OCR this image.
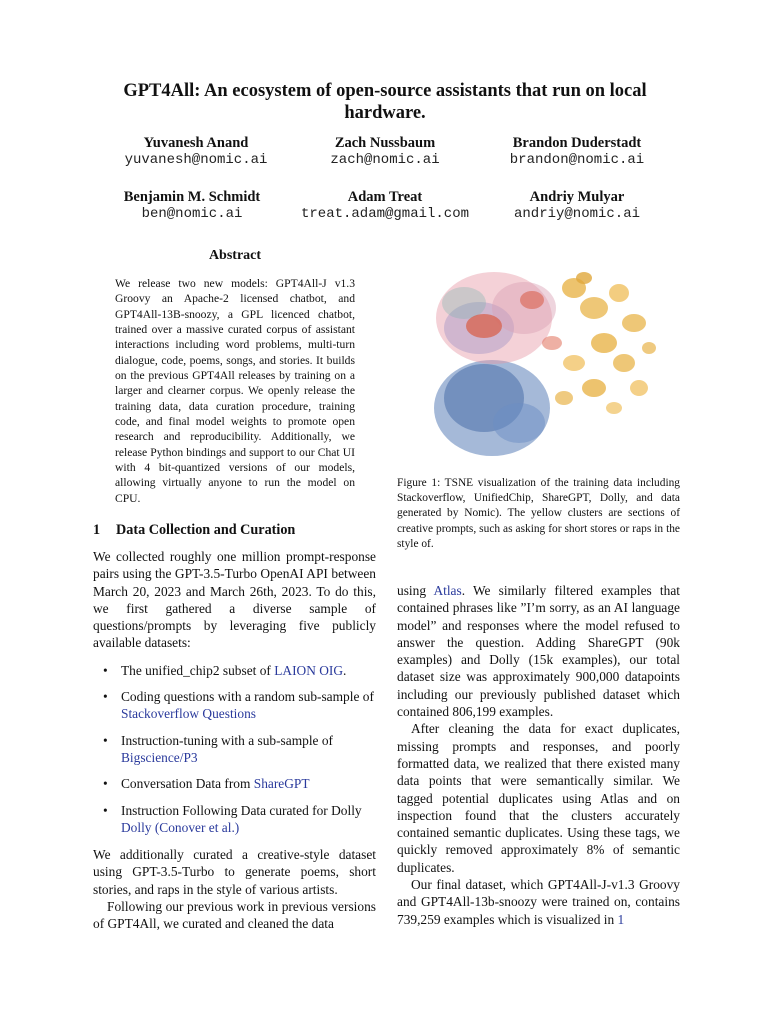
GPT4All: An ecosystem of open-source assistants that run on local hardware.
Yuvanesh Anand
yuvanesh@nomic.ai
Zach Nussbaum
zach@nomic.ai
Brandon Duderstadt
brandon@nomic.ai
Benjamin M. Schmidt
ben@nomic.ai
Adam Treat
treat.adam@gmail.com
Andriy Mulyar
andriy@nomic.ai
Abstract
We release two new models: GPT4All-J v1.3 Groovy an Apache-2 licensed chatbot, and GPT4All-13B-snoozy, a GPL licenced chatbot, trained over a massive curated corpus of assistant interactions including word problems, multi-turn dialogue, code, poems, songs, and stories. It builds on the previous GPT4All releases by training on a larger and clearner corpus. We openly release the training data, data curation procedure, training code, and final model weights to promote open research and reproducibility. Additionally, we release Python bindings and support to our Chat UI with 4 bit-quantized versions of our models, allowing virtually anyone to run the model on CPU.
1 Data Collection and Curation

We collected roughly one million prompt-response pairs using the GPT-3.5-Turbo OpenAI API between March 20, 2023 and March 26th, 2023. To do this, we first gathered a diverse sample of questions/prompts by leveraging five publicly available datasets:

• The unified_chip2 subset of LAION OIG.
• Coding questions with a random sub-sample of Stackoverflow Questions
• Instruction-tuning with a sub-sample of Bigscience/P3
• Conversation Data from ShareGPT
• Instruction Following Data curated for Dolly Dolly (Conover et al.)

We additionally curated a creative-style dataset using GPT-3.5-Turbo to generate poems, short stories, and raps in the style of various artists.

Following our previous work in previous versions of GPT4All, we curated and cleaned the data

Figure 1: TSNE visualization of the training data including Stackoverflow, UnifiedChip, ShareGPT, Dolly, and data generated by Nomic). The yellow clusters are sections of creative prompts, such as asking for short stores or raps in the style of.

using Atlas. We similarly filtered examples that contained phrases like ”I’m sorry, as an AI language model” and responses where the model refused to answer the question. Adding ShareGPT (90k examples) and Dolly (15k examples), our total dataset size was approximately 900,000 datapoints including our previously published dataset which contained 806,199 examples.

After cleaning the data for exact duplicates, missing prompts and responses, and poorly formatted data, we realized that there existed many data points that were semantically similar. We tagged potential duplicates using Atlas and on inspection found that the clusters accurately contained semantic duplicates. Using these tags, we quickly removed approximately 8% of semantic duplicates.

Our final dataset, which GPT4All-J-v1.3 Groovy and GPT4All-13b-snoozy were trained on, contains 739,259 examples which is visualized in 1
